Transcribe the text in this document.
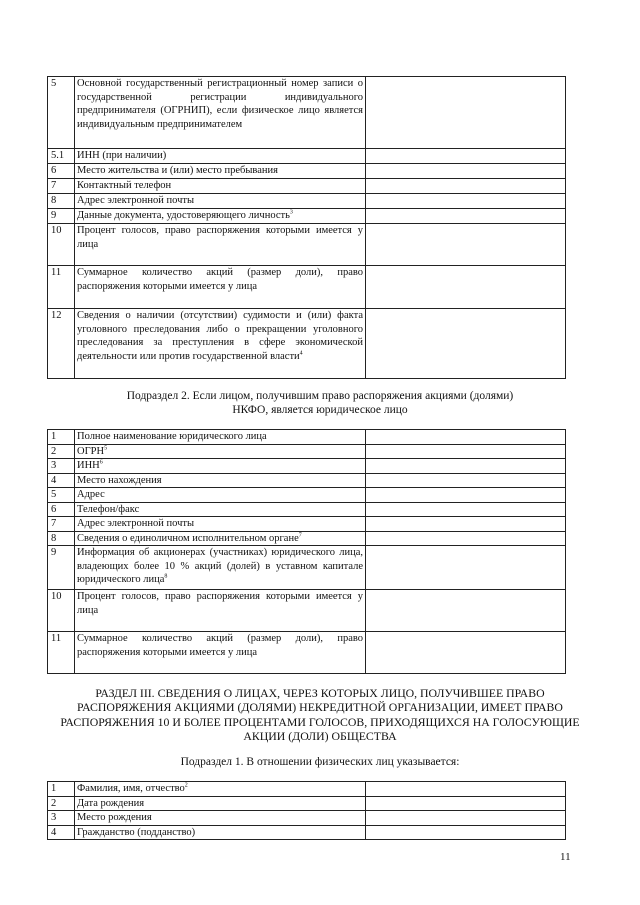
5	Основной государственный регистрационный номер записи о государственной регистрации индивидуального предпринимателя (ОГРНИП), если физическое лицо является индивидуальным предпринимателем	
5.1	ИНН (при наличии)	
6	Место жительства и (или) место пребывания	
7	Контактный телефон	
8	Адрес электронной почты	
9	Данные документа, удостоверяющего личность$^3$	
10	Процент голосов, право распоряжения которыми имеется у лица	
11	Суммарное количество акций (размер доли), право распоряжения которыми имеется у лица	
12	Сведения о наличии (отсутствии) судимости и (или) факта уголовного преследования либо о прекращении уголовного преследования за преступления в сфере экономической деятельности или против государственной власти$^4$	
Подраздел 2. Если лицом, получившим право распоряжения акциями (долями) НКФО, является юридическое лицо
1	Полное наименование юридического лица	
2	ОГРН$^5$	
3	ИНН$^6$	
4	Место нахождения	
5	Адрес	
6	Телефон/факс	
7	Адрес электронной почты	
8	Сведения о единоличном исполнительном органе$^7$	
9	Информация об акционерах (участниках) юридического лица, владеющих более 10 % акций (долей) в уставном капитале юридического лица$^8$	
10	Процент голосов, право распоряжения которыми имеется у лица	
11	Суммарное количество акций (размер доли), право распоряжения которыми имеется у лица	
РАЗДЕЛ III. СВЕДЕНИЯ О ЛИЦАХ, ЧЕРЕЗ КОТОРЫХ ЛИЦО, ПОЛУЧИВШЕЕ ПРАВО РАСПОРЯЖЕНИЯ АКЦИЯМИ (ДОЛЯМИ) НЕКРЕДИТНОЙ ОРГАНИЗАЦИИ, ИМЕЕТ ПРАВО РАСПОРЯЖЕНИЯ 10 И БОЛЕЕ ПРОЦЕНТАМИ ГОЛОСОВ, ПРИХОДЯЩИХСЯ НА ГОЛОСУЮЩИЕ АКЦИИ (ДОЛИ) ОБЩЕСТВА
Подраздел 1. В отношении физических лиц указывается:
1	Фамилия, имя, отчество$^2$	
2	Дата рождения	
3	Место рождения	
4	Гражданство (подданство)	
11
